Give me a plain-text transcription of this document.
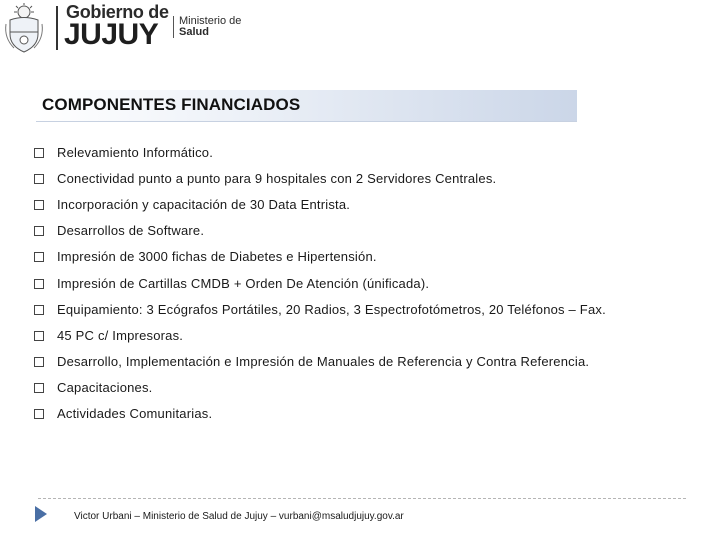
Gobierno de
JUJUY Ministerio de
Salud
COMPONENTES FINANCIADOS
Relevamiento Informático.
Conectividad punto a punto para 9 hospitales con 2 Servidores Centrales.
Incorporación y capacitación de 30 Data Entrista.
Desarrollos de Software.
Impresión de 3000 fichas de Diabetes e Hipertensión.
Impresión de Cartillas CMDB + Orden De Atención (únificada).
Equipamiento: 3 Ecógrafos Portátiles, 20 Radios, 3 Espectrofotómetros, 20 Teléfonos – Fax.
45 PC c/ Impresoras.
Desarrollo, Implementación e Impresión de Manuales de Referencia y Contra Referencia.
Capacitaciones.
Actividades Comunitarias.
Victor Urbani – Ministerio de Salud de Jujuy – vurbani@msaludjujuy.gov.ar
